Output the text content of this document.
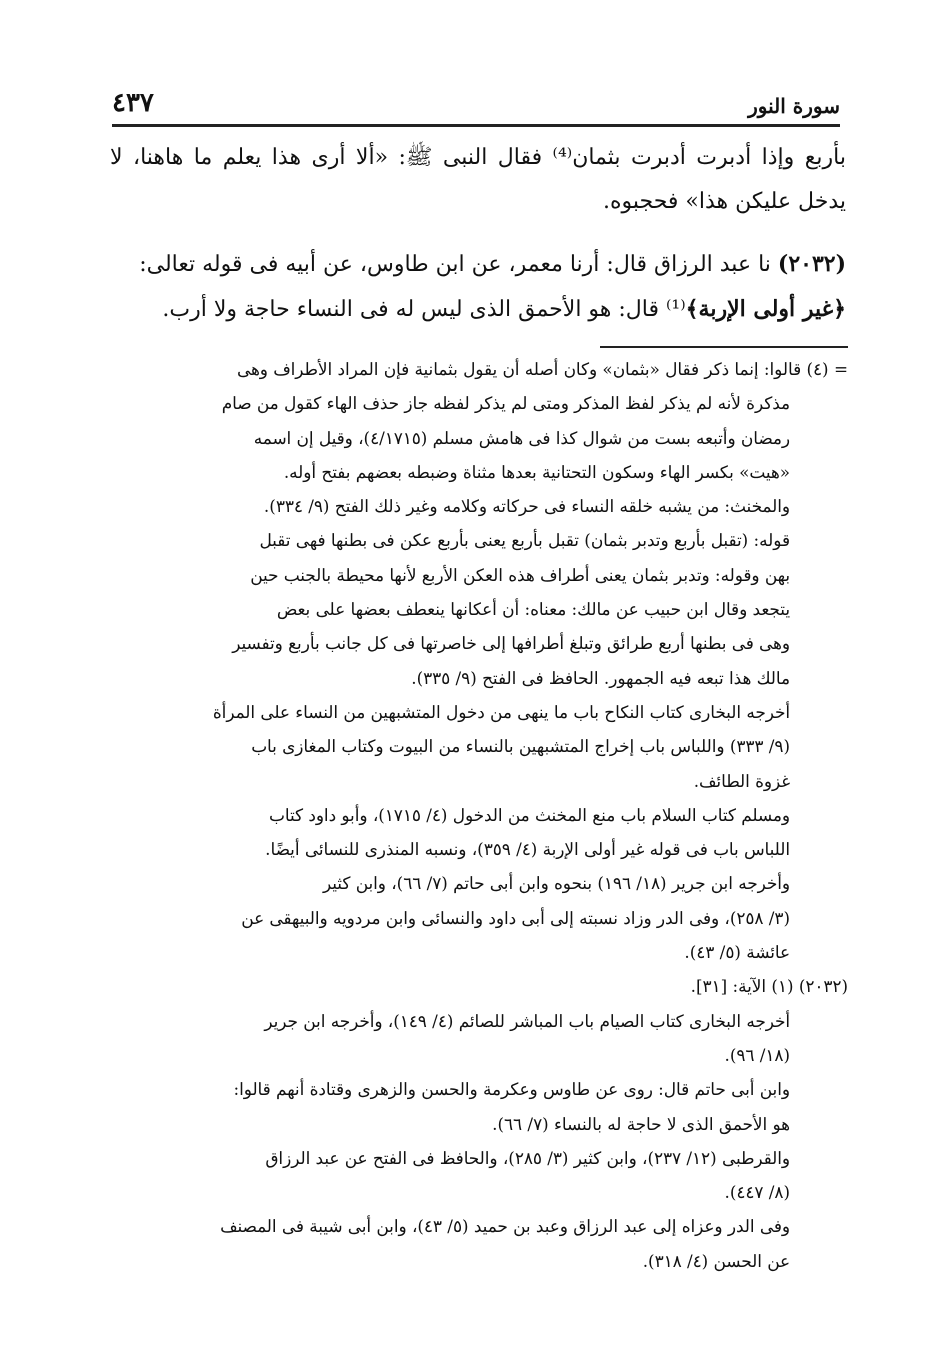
سورة النور
٤٣٧

بأربع وإذا أدبرت أدبرت بثمان⁽⁴⁾ فقال النبى ﷺ: «ألا أرى هذا يعلم ما هاهنا، لا يدخل عليكن هذا» فحجبوه.

(٢٠٣٢) نا عبد الرزاق قال: أرنا معمر، عن ابن طاوس، عن أبيه فى قوله تعالى:

﴿غير أولى الإربة﴾⁽¹⁾ قال: هو الأحمق الذى ليس له فى النساء حاجة ولا أرب.

= (٤) قالوا: إنما ذكر فقال «بثمان» وكان أصله أن يقول بثمانية فإن المراد الأطراف وهى

مذكرة لأنه لم يذكر لفظ المذكر ومتى لم يذكر لفظه جاز حذف الهاء كقول من صام

رمضان وأتبعه بست من شوال كذا فى هامش مسلم (٤/١٧١٥)، وقيل إن اسمه

«هيت» بكسر الهاء وسكون التحتانية بعدها مثناة وضبطه بعضهم بفتح أوله.

والمخنث: من يشبه خلقه النساء فى حركاته وكلامه وغير ذلك الفتح (٩/ ٣٣٤).

قوله: (تقبل بأربع وتدبر بثمان) تقبل بأربع يعنى بأربع عكن فى بطنها فهى تقبل

بهن وقوله: وتدبر بثمان يعنى أطراف هذه العكن الأربع لأنها محيطة بالجنب حين

يتجعد وقال ابن حبيب عن مالك: معناه: أن أعكانها ينعطف بعضها على بعض

وهى فى بطنها أربع طرائق وتبلغ أطرافها إلى خاصرتها فى كل جانب بأربع وتفسير

مالك هذا تبعه فيه الجمهور. الحافظ فى الفتح (٩/ ٣٣٥).

أخرجه البخارى كتاب النكاح باب ما ينهى من دخول المتشبهين من النساء على المرأة

(٩/ ٣٣٣) واللباس باب إخراج المتشبهين بالنساء من البيوت وكتاب المغازى باب

غزوة الطائف.

ومسلم كتاب السلام باب منع المخنث من الدخول (٤/ ١٧١٥)، وأبو داود كتاب

اللباس باب فى قوله غير أولى الإربة (٤/ ٣٥٩)، ونسبه المنذرى للنسائى أيضًا.

وأخرجه ابن جرير (١٨/ ١٩٦) بنحوه وابن أبى حاتم (٧/ ٦٦)، وابن كثير

(٣/ ٢٥٨)، وفى الدر وزاد نسبته إلى أبى داود والنسائى وابن مردويه والبيهقى عن

عائشة (٥/ ٤٣).

(٢٠٣٢) (١) الآية: [٣١].

أخرجه البخارى كتاب الصيام باب المباشر للصائم (٤/ ١٤٩)، وأخرجه ابن جرير

(١٨/ ٩٦).

وابن أبى حاتم قال: روى عن طاوس وعكرمة والحسن والزهرى وقتادة أنهم قالوا:

هو الأحمق الذى لا حاجة له بالنساء (٧/ ٦٦).

والقرطبى (١٢/ ٢٣٧)، وابن كثير (٣/ ٢٨٥)، والحافظ فى الفتح عن عبد الرزاق

(٨/ ٤٤٧).

وفى الدر وعزاه إلى عبد الرزاق وعبد بن حميد (٥/ ٤٣)، وابن أبى شيبة فى المصنف

عن الحسن (٤/ ٣١٨).
